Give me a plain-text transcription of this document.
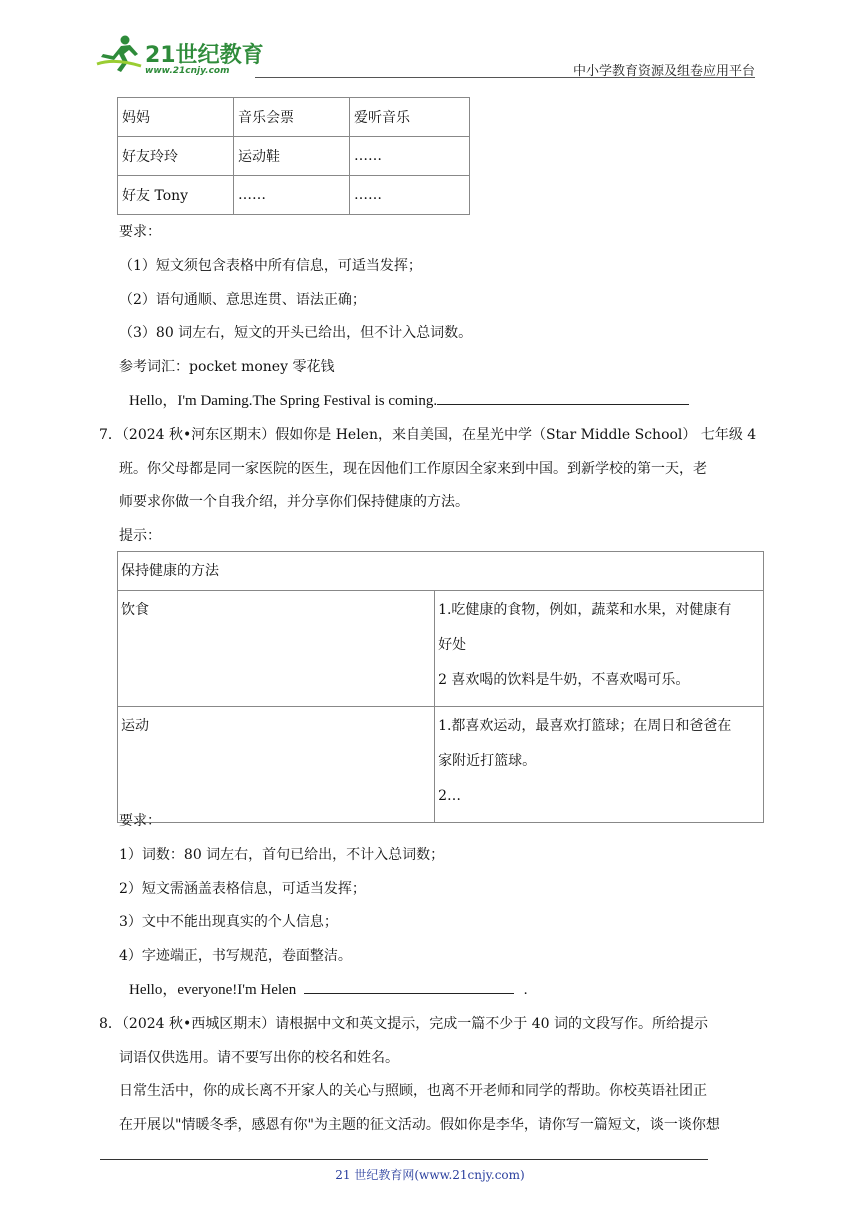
21世纪教育
www.21cnjy.com	中小学教育资源及组卷应用平台
妈妈	音乐会票	爱听音乐
好友玲玲	运动鞋	……
好友 Tony	……	……
要求：
（1）短文须包含表格中所有信息，可适当发挥；
（2）语句通顺、意思连贯、语法正确；
（3）80 词左右，短文的开头已给出，但不计入总词数。
参考词汇：pocket money 零花钱
Hello，I'm Daming.The Spring Festival is coming.
7．（2024 秋•河东区期末）假如你是 Helen，来自美国，在星光中学（Star Middle School） 七年级 4
班。你父母都是同一家医院的医生，现在因他们工作原因全家来到中国。到新学校的第一天，老
师要求你做一个自我介绍，并分享你们保持健康的方法。
提示：
保持健康的方法	

饮食	1.吃健康的食物，例如，蔬菜和水果，对健康有
好处
2 喜欢喝的饮料是牛奶，不喜欢喝可乐。

运动	1.都喜欢运动，最喜欢打篮球；在周日和爸爸在
家附近打篮球。
2…
要求：
1）词数：80 词左右，首句已给出，不计入总词数；
2）短文需涵盖表格信息，可适当发挥；
3）文中不能出现真实的个人信息；
4）字迹端正，书写规范，卷面整洁。
Hello，everyone!I'm Helen	.
8．（2024 秋•西城区期末）请根据中文和英文提示，完成一篇不少于 40 词的文段写作。所给提示
词语仅供选用。请不要写出你的校名和姓名。
日常生活中，你的成长离不开家人的关心与照顾，也离不开老师和同学的帮助。你校英语社团正
在开展以"情暖冬季，感恩有你"为主题的征文活动。假如你是李华，请你写一篇短文，谈一谈你想
21 世纪教育网(www.21cnjy.com)
